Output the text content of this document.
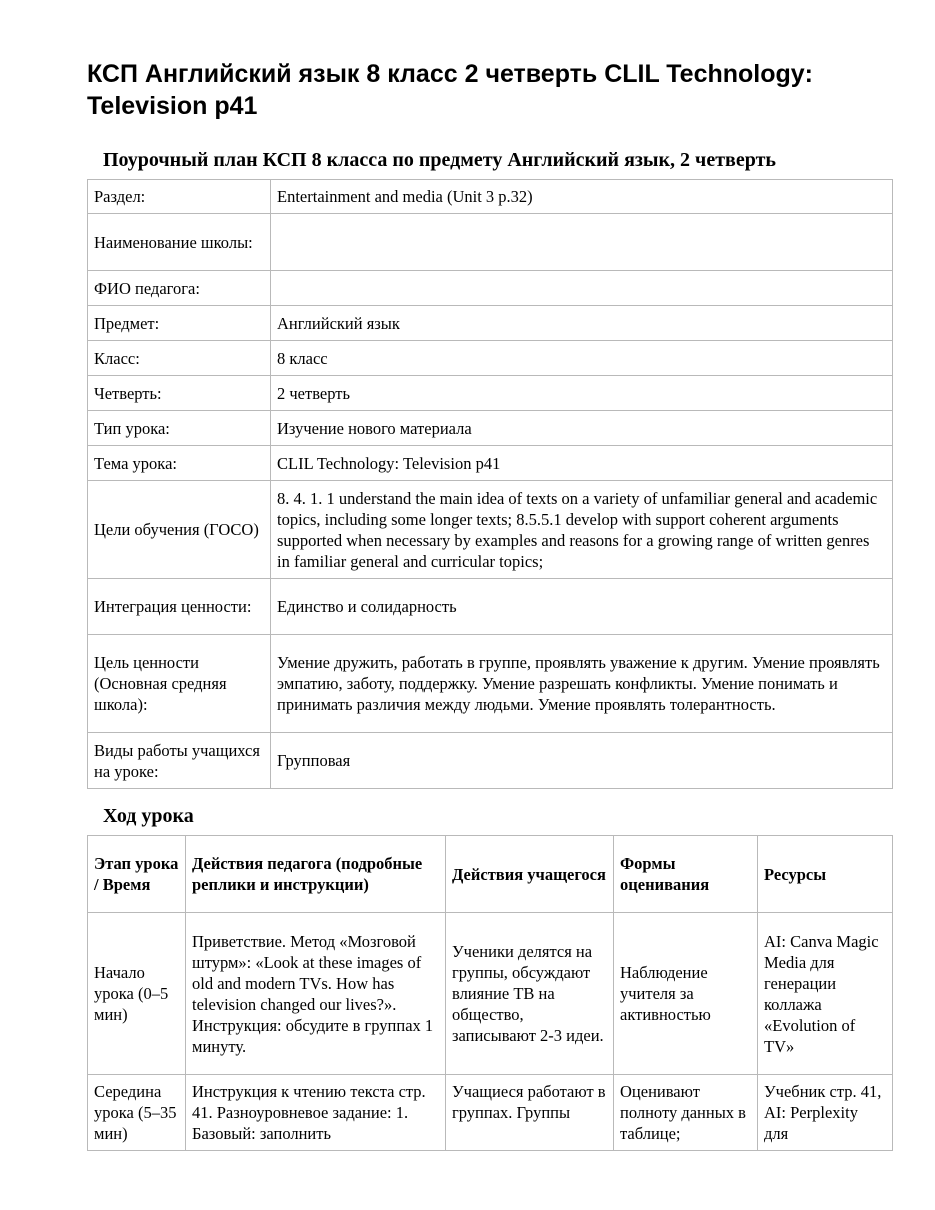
КСП Английский язык 8 класс 2 четверть CLIL Technology: Television p41
Поурочный план КСП 8 класса по предмету Английский язык, 2 четверть
Раздел:	Entertainment and media (Unit 3 p.32)
Наименование школы:	
ФИО педагога:	
Предмет:	Английский язык
Класс:	8 класс
Четверть:	2 четверть
Тип урока:	Изучение нового материала
Тема урока:	CLIL Technology: Television p41
Цели обучения (ГОСО)	8. 4. 1. 1 understand the main idea of texts on a variety of unfamiliar general and academic topics, including some longer texts; 8.5.5.1 develop with support coherent arguments supported when necessary by examples and reasons for a growing range of written genres in familiar general and curricular topics;
Интеграция ценности:	Единство и солидарность
Цель ценности (Основная средняя школа):	Умение дружить, работать в группе, проявлять уважение к другим. Умение проявлять эмпатию, заботу, поддержку. Умение разрешать конфликты. Умение понимать и принимать различия между людьми. Умение проявлять толерантность.
Виды работы учащихся на уроке:	Групповая
Ход урока
Этап урока / Время	Действия педагога (подробные реплики и инструкции)	Действия учащегося	Формы оценивания	Ресурсы
Начало урока (0–5 мин)	Приветствие. Метод «Мозговой штурм»: «Look at these images of old and modern TVs. How has television changed our lives?». Инструкция: обсудите в группах 1 минуту.	Ученики делятся на группы, обсуждают влияние ТВ на общество, записывают 2-3 идеи.	Наблюдение учителя за активностью	AI: Canva Magic Media для генерации коллажа «Evolution of TV»
Середина урока (5–35 мин)	Инструкция к чтению текста стр. 41. Разноуровневое задание: 1. Базовый: заполнить	Учащиеся работают в группах. Группы	Оценивают полноту данных в таблице;	Учебник стр. 41, AI: Perplexity для
